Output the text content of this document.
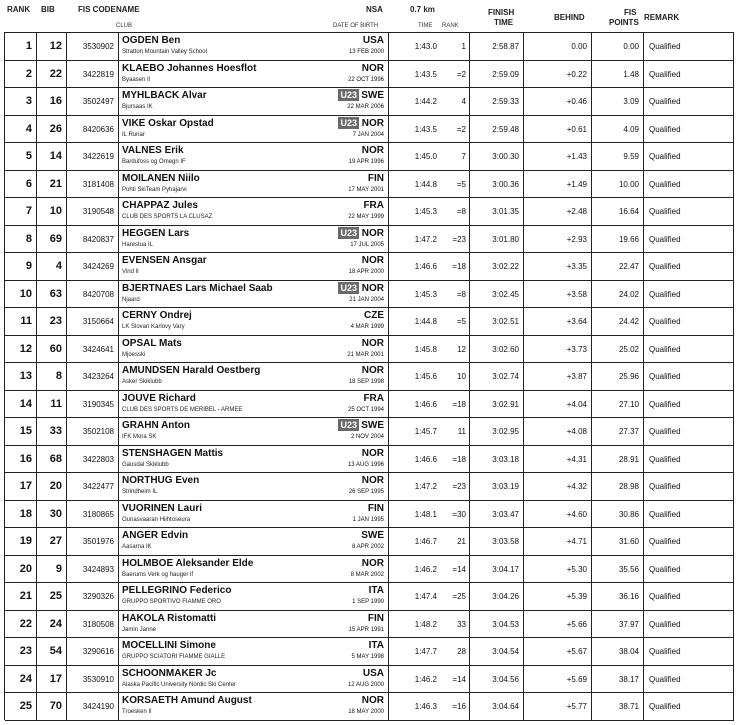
RANK BIB	FIS CODE NAME
CLUB
NSA
DATE OF BIRTH
0.7 km
TIME RANK
FINISH
TIME
BEHIND
FIS
POINTS
REMARK
1	12	3530902
OGDEN Ben
Stratton Mountain Valley School
USA
13 FEB 2000
1:43.0	1	2:58.87	0.00	0.00	Qualified
2	22	3422819
KLAEBO Johannes Hoesflot
Byaasen Il
NOR
22 OCT 1996
1:43.5 =2	2:59.09	+0.22	1.48	Qualified
3	16	3502497
MYHLBACK Alvar
Bjursaas IK
U23 SWE
22 MAR 2006
1:44.2	4	2:59.33	+0.46	3.09	Qualified
4	26	8420636
VIKE Oskar Opstad
IL Runar
U23 NOR
7 JAN 2004
1:43.5 =2	2:59.48	+0.61	4.09	Qualified
5	14	3422619
VALNES Erik
Bardufoss og Omegn IF
NOR
19 APR 1996
1:45.0	7	3:00.30	+1.43	9.59	Qualified
6	21	3181408
MOILANEN Niilo
Pohti SkiTeam Pyhajarvi
FIN
17 MAY 2001
1:44.8 =5	3:00.36	+1.49	10.00	Qualified
7	10	3190548
CHAPPAZ Jules
CLUB DES SPORTS LA CLUSAZ
FRA
22 MAY 1999
1:45.3 =8	3:01.35	+2.48	16.64	Qualified
8	69	8420837
HEGGEN Lars
Harestua IL
U23 NOR
17 JUL 2005
1:47.2 =23	3:01.80	+2.93	19.66	Qualified
9	4	3424269
EVENSEN Ansgar
Vind Il
NOR
18 APR 2000
1:46.6 =18	3:02.22	+3.35	22.47	Qualified
10	63	8420708
BJERTNAES Lars Michael Saab
Njaard
U23 NOR
21 JAN 2004
1:45.3 =8	3:02.45	+3.58	24.02	Qualified
11	23	3150664
CERNY Ondrej
LK Slovan Karlovy Vary
CZE
4 MAR 1999
1:44.8 =5	3:02.51	+3.64	24.42	Qualified
12	60	3424641
OPSAL Mats
Mjoesski
NOR
21 MAR 2001
1:45.8	12	3:02.60	+3.73	25.02	Qualified
13	8	3423264
AMUNDSEN Harald Oestberg
Asker Skiklubb
NOR
18 SEP 1998
1:45.6	10	3:02.74	+3.87	25.96	Qualified
14	11	3190345
JOUVE Richard
CLUB DES SPORTS DE MERIBEL - ARMEE
FRA
25 OCT 1994
1:46.6 =18	3:02.91	+4.04	27.10	Qualified
15	33	3502108
GRAHN Anton
IFK Mora SK
U23 SWE
2 NOV 2004
1:45.7	11	3:02.95	+4.08	27.37	Qualified
16	68	3422803
STENSHAGEN Mattis
Gausdal Skiklubb
NOR
13 AUG 1996
1:46.6 =18	3:03.18	+4.31	28.91	Qualified
17	20	3422477
NORTHUG Even
Strindheim IL
NOR
26 SEP 1995
1:47.2 =23	3:03.19	+4.32	28.98	Qualified
18	30	3180865
VUORINEN Lauri
Ounasvaaran Hiihtoseura
FIN
1 JAN 1995
1:48.1 =30	3:03.47	+4.60	30.86	Qualified
19	27	3501976
ANGER Edvin
Aasarna IK
SWE
8 APR 2002
1:46.7	21	3:03.58	+4.71	31.60	Qualified
20	9	3424893
HOLMBOE Aleksander Elde
Baerums Verk og hauger if
NOR
8 MAR 2002
1:46.2 =14	3:04.17	+5.30	35.56	Qualified
21	25	3290326
PELLEGRINO Federico
GRUPPO SPORTIVO FIAMME ORO
ITA
1 SEP 1990
1:47.4 =25	3:04.26	+5.39	36.16	Qualified
22	24	3180508
HAKOLA Ristomatti
Jamin Janne
FIN
15 APR 1991
1:48.2	33	3:04.53	+5.66	37.97	Qualified
23	54	3290616
MOCELLINI Simone
GRUPPO SCIATORI FIAMME GIALLE
ITA
5 MAY 1998
1:47.7	28	3:04.54	+5.67	38.04	Qualified
24	17	3530910
SCHOONMAKER Jc
Alaska Pacific University Nordic Ski Center
USA
12 AUG 2000
1:46.2 =14	3:04.56	+5.69	38.17	Qualified
25	70	3424190
KORSAETH Amund August
Troesken Il
NOR
18 MAY 2000
1:46.3 =16	3:04.64	+5.77	38.71	Qualified
